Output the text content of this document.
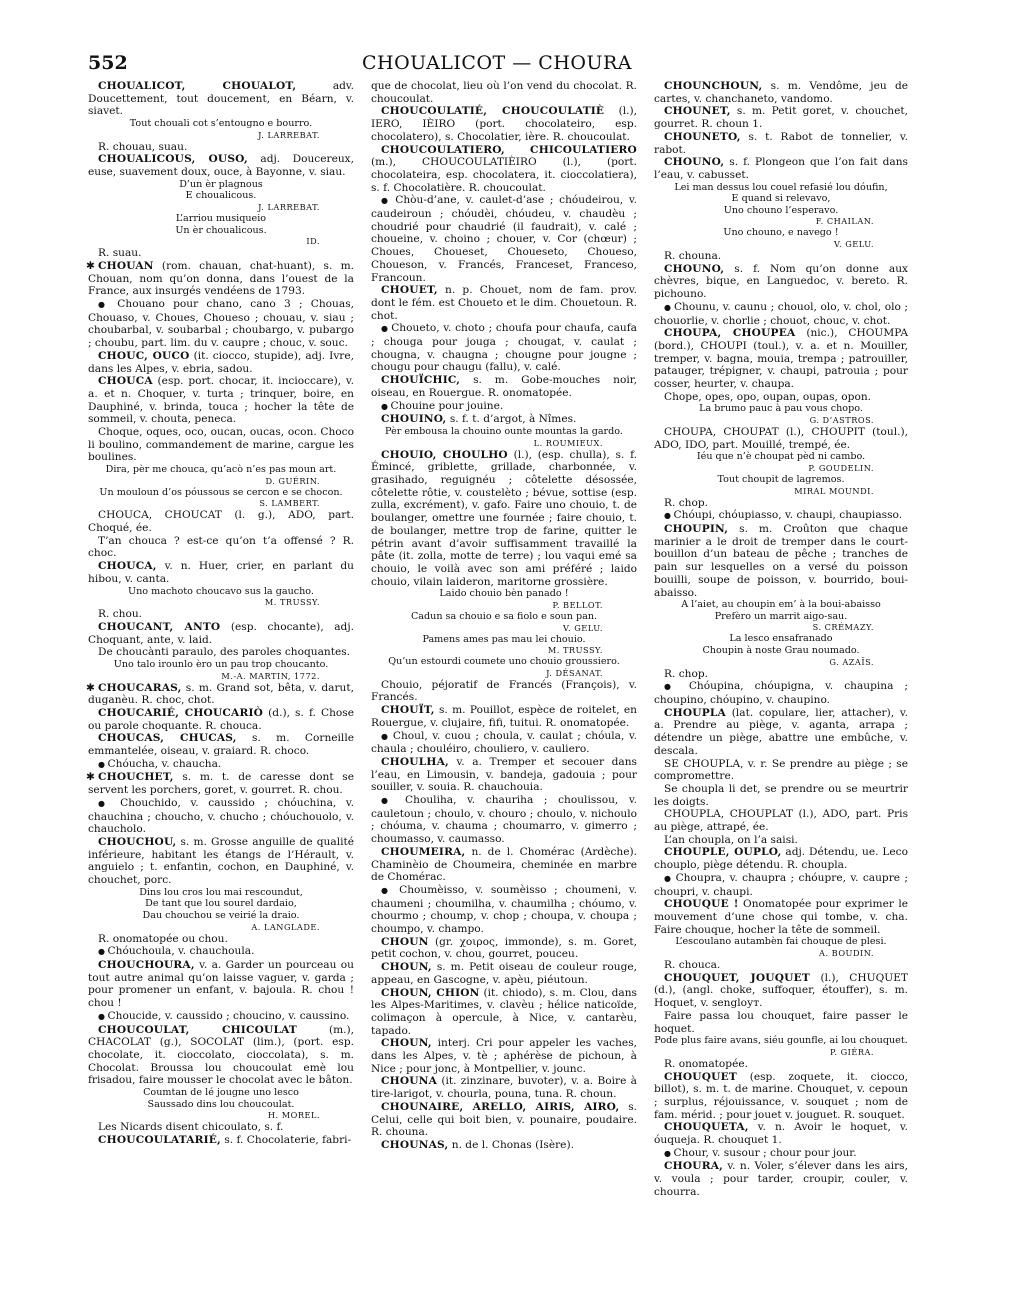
552	CHOUALICOT — CHOURA

CHOUALICOT, CHOUALOT, adv. Doucettement, tout doucement, en Béarn, v. siavet.

Tout chouali cot s’entougno e bourro.

J. LARREBAT.

R. chouau, suau.

CHOUALICOUS, OUSO, adj. Doucereux, euse, suavement doux, ouce, à Bayonne, v. siau.

D’un èr plagnous

E choualicous.

J. LARREBAT.

L’arriou musiqueio

Un èr choualicous.

ID.

R. suau.

✱ CHOUAN (rom. chauan, chat-huant), s. m. Chouan, nom qu’on donna, dans l’ouest de la France, aux insurgés vendéens de 1793.

● Chouano pour chano, cano 3 ; Chouas, Chouaso, v. Choues, Choueso ; chouau, v. siau ; choubarbal, v. soubarbal ; choubargo, v. pubargo ; choubu, part. lim. du v. caupre ; chouc, v. souc.

CHOUC, OUCO (it. ciocco, stupide), adj. Ivre, dans les Alpes, v. ebria, sadou.

CHOUCA (esp. port. chocar, it. incioccare), v. a. et n. Choquer, v. turta ; trinquer, boire, en Dauphiné, v. brinda, touca ; hocher la tête de sommeil, v. chouta, peneca.

Choque, oques, oco, oucan, oucas, ocon. Choco li boulino, commandement de marine, cargue les boulines.

Dira, pèr me chouca, qu’acò n’es pas moun art.

D. GUÉRIN.

Un mouloun d’os póussous se cercon e se chocon.

S. LAMBERT.

CHOUCA, CHOUCAT (l. g.), ADO, part. Choqué, ée.

T’an chouca ? est-ce qu’on t’a offensé ? R. choc.

CHOUCA, v. n. Huer, crier, en parlant du hibou, v. canta.

Uno machoto choucavo sus la gaucho.

M. TRUSSY.

R. chou.

CHOUCANT, ANTO (esp. chocante), adj. Choquant, ante, v. laid.

De choucànti paraulo, des paroles choquantes.

Uno talo irounlo èro un pau trop choucanto.

M.-A. MARTIN, 1772.

✱ CHOUCARAS, s. m. Grand sot, bêta, v. darut, duganèu. R. choc, chot.

CHOUCARIÉ, CHOUCARIÒ (d.), s. f. Chose ou parole choquante. R. chouca.

CHOUCAS, CHUCAS, s. m. Corneille emmantelée, oiseau, v. graiard. R. choco.

● Chóucha, v. chaucha.

✱ CHOUCHET, s. m. t. de caresse dont se servent les porchers, goret, v. gourret. R. chou.

● Chouchido, v. caussido ; chóuchina, v. chauchina ; choucho, v. chucho ; chóuchouolo, v. chaucholo.

CHOUCHOU, s. m. Grosse anguille de qualité inférieure, habitant les étangs de l’Hérault, v. anguielo ; t. enfantin, cochon, en Dauphiné, v. chouchet, porc.

Dins lou cros lou mai rescoundut,

De tant que lou sourel dardaio,

Dau chouchou se veirié la draio.

A. LANGLADE.

R. onomatopée ou chou.

● Chóuchoula, v. chauchoula.

CHOUCHOURA, v. a. Garder un pourceau ou tout autre animal qu’on laisse vaguer, v. gardа ; pour promener un enfant, v. bajoula. R. chou ! chou !

● Choucide, v. caussido ; chouсino, v. caussino.

CHOUCOULAT, CHICOULAT (m.), CHACOLAT (g.), SOCOLAT (lim.), (port. esp. chocolate, it. cioccolato, cioccolata), s. m. Chocolat. Broussa lou choucoulat emè lou frisadou, faire mousser le chocolat avec le bâton.

Coumtan de lé jougne uno lesco

Saussado dins lou choucoulat.

H. MOREL.

Les Nicards disent chicoulato, s. f.

CHOUCOULATARIÉ, s. f. Chocolaterie, fabri-

que de chocolat, lieu où l’on vend du chocolat. R. choucoulat.

CHOUCOULATIÉ, CHOUCOULATIÈ (l.), IERO, IÈIRO (port. chocolateiro, esp. chocolatero), s. Chocolatier, ière. R. choucoulat.

CHOUCOULATIERO, CHICOULATIERO (m.), CHOUCOULATIÈIRO (l.), (port. chocolateira, esp. chocolatera, it. cioccolatiera), s. f. Chocolatière. R. choucoulat.

● Chòu-d’ane, v. caulet-d’ase ; chóudeirou, v. caudeiroun ; chóudèi, chóudeu, v. chaudèu ; choudrié pour chaudrié (il faudrait), v. calé ; choueine, v. choino ; chouer, v. Cor (chœur) ; Choues, Choueset, Choueseto, Choueso, Choueson, v. Francés, Franceset, Franceso, Francoun.

CHOUET, n. p. Chouet, nom de fam. prov. dont le fém. est Choueto et le dim. Chouetoun. R. chot.

● Choueto, v. choto ; choufa pour chaufa, caufa ; chouga pour jouga ; chougat, v. caulat ; chougna, v. chaugna ; chougne pour jougne ; chougu pour chaugu (fallu), v. calé.

CHOUÏCHIC, s. m. Gobe-mouches noir, oiseau, en Rouergue. R. onomatopée.

● Chouine pour jouine.

CHOUINO, s. f. t. d’argot, à Nîmes.

Pèr embousa la chouino ounte mountas la gardo.

L. ROUMIEUX.

CHOUIO, CHOULHO (l.), (esp. chulla), s. f. Émincé, griblette, grillade, charbonnée, v. grasihado, reguignéu ; côtelette désossée, côtelette rôtie, v. coustelèto ; bévue, sottise (esp. zulla, excrément), v. gafo. Faire uno chouio, t. de boulanger, omettre une fournée ; faire chouio, t. de boulanger, mettre trop de farine, quitter le pétrin avant d’avoir suffisamment travaillé la pâte (it. zolla, motte de terre) ; lou vaqui emé sa chouio, le voilà avec son ami préféré ; laido chouio, vilain laideron, maritorne grossière.

Laido chouio bèn panado !

P. BELLOT.

Cadun sa chouio e sa fiolo e soun pan.

V. GELU.

Pamens ames pas mau lei chouio.

M. TRUSSY.

Qu’un estourdi coumete uno chouio groussiero.

J. DÉSANAT.

Chouio, péjoratif de Francés (François), v. Francés.

CHOUÏT, s. m. Pouillot, espèce de roitelet, en Rouergue, v. clujaire, fifi, tuitui. R. onomatopée.

● Choul, v. cuou ; choula, v. caulat ; chóula, v. chaula ; chouléiro, chouliero, v. cauliero.

CHOULHA, v. a. Tremper et secouer dans l’eau, en Limousin, v. bandeja, gadouia ; pour souiller, v. souia. R. chauchouia.

● Chouliha, v. chauriha ; choulissou, v. cauletoun ; choulo, v. chouro ; choulo, v. nichoulo ; chóuma, v. chauma ; choumarro, v. gimerro ; choumasso, v. caumasso.

CHOUMEIRA, n. de l. Chomérac (Ardèche). Chaminèio de Choumeira, cheminée en marbre de Chomérac.

● Choumèisso, v. soumèisso ; choumeni, v. chaumeni ; choumilha, v. chaumilha ; chóumo, v. chourmo ; choump, v. chop ; choupa, v. choupa ; choumpo, v. champo.

CHOUN (gr. χοιρος, immonde), s. m. Goret, petit cochon, v. chou, gourret, pouceu.

CHOUN, s. m. Petit oiseau de couleur rouge, appeau, en Gascogne, v. apèu, piéutoun.

CHOUN, CHION (it. chiodo), s. m. Clou, dans les Alpes-Maritimes, v. clavèu ; hélice naticoïde, colimaçon à opercule, à Nice, v. cantarèu, tapado.

CHOUN, interj. Cri pour appeler les vaches, dans les Alpes, v. tè ; aphérèse de pichoun, à Nice ; pour jonc, à Montpellier, v. jounc.

CHOUNA (it. zinzinare, buvoter), v. a. Boire à tire-larigot, v. chourla, pouna, tuna. R. choun.

CHOUNAIRE, ARELLO, AIRIS, AIRO, s. Celui, celle qui boit bien, v. pounaire, poudaire. R. chouna.

CHOUNAS, n. de l. Chonas (Isère).

CHOUNCHOUN, s. m. Vendôme, jeu de cartes, v. chanchaneto, vandomo.

CHOUNET, s. m. Petit goret, v. chouchet, gourret. R. choun 1.

CHOUNETO, s. t. Rabot de tonnelier, v. rabot.

CHOUNO, s. f. Plongeon que l’on fait dans l’eau, v. cabusset.

Lei man dessus lou couel refasié lou dóufin,

E quand si relevavo,

Uno chouno l’esperavo.

F. CHAILAN.

Uno chouno, e navego !

V. GELU.

R. chouna.

CHOUNO, s. f. Nom qu’on donne aux chèvres, bique, en Languedoc, v. bereto. R. pichouno.

● Chounu, v. caunu ; chouol, olo, v. chol, olo ; chouorlie, v. chorlie ; chouot, chouc, v. chot.

CHOUPA, CHOUPEA (nic.), CHOUMPA (bord.), CHOUPI (toul.), v. a. et n. Mouiller, tremper, v. bagna, mouia, trempa ; patrouiller, patauger, trépigner, v. chaupi, patrouia ; pour cosser, heurter, v. chaupa.

Chope, opes, opo, oupan, oupas, opon.

La brumo pauc à pau vous chopo.

G. D’ASTROS.

CHOUPA, CHOUPAT (l.), CHOUPIT (toul.), ADO, IDO, part. Mouillé, trempé, ée.

Iéu que n’è choupat pèd ni cambo.

P. GOUDELIN.

Tout choupit de lagremos.

MIRAL MOUNDI.

R. chop.

● Chóupi, chóupiasso, v. chaupi, chaupiasso.

CHOUPIN, s. m. Croûton que chaque marinier a le droit de tremper dans le court-bouillon d’un bateau de pêche ; tranches de pain sur lesquelles on a versé du poisson bouilli, soupe de poisson, v. bourrido, boui-abaisso.

A l’aiet, au choupin em’ à la boui-abaisso

Prefèro un marrit aigo-sau.

S. CRÉMAZY.

La lesco ensafranado

Choupin à noste Grau noumado.

G. AZAÏS.

R. chop.

● Chóupina, chóupigna, v. chaupina ; choupino, chóupino, v. chaupino.

CHOUPLA (lat. copulare, lier, attacher), v. a. Prendre au piège, v. aganta, arrapa ; détendre un piège, abattre une embûche, v. descala.

SE CHOUPLA, v. r. Se prendre au piège ; se compromettre.

Se choupla li det, se prendre ou se meurtrir les doigts.

CHOUPLA, CHOUPLAT (l.), ADO, part. Pris au piège, attrapé, ée.

L’an choupla, on l’a saisi.

CHOUPLE, OUPLO, adj. Détendu, ue. Leco chouplo, piège détendu. R. choupla.

● Choupra, v. chaupra ; chóupre, v. caupre ; choupri, v. chaupi.

CHOUQUE ! Onomatopée pour exprimer le mouvement d’une chose qui tombe, v. cha. Faire chouque, hocher la tête de sommeil.

L’escoulano autambèn fai chouque de plesi.

A. BOUDIN.

R. chouca.

CHOUQUET, JOUQUET (l.), CHUQUET (d.), (angl. choke, suffoquer, étouffer), s. m. Hoquet, v. sengloут.

Faire passa lou chouquet, faire passer le hoquet.

Pode plus faire avans, siéu gounfle, ai lou chouquet.

P. GIÉRA.

R. onomatopée.

CHOUQUET (esp. zoquete, it. ciocco, billot), s. m. t. de marine. Chouquet, v. cepoun ; surplus, réjouissance, v. souquet ; nom de fam. mérid. ; pour jouet v. jouguet. R. souquet.

CHOUQUETA, v. n. Avoir le hoquet, v. óuqueja. R. chouquet 1.

● Chour, v. susour ; chour pour jour.

CHOURA, v. n. Voler, s’élever dans les airs, v. voula ; pour tarder, croupir, couler, v. chourra.
